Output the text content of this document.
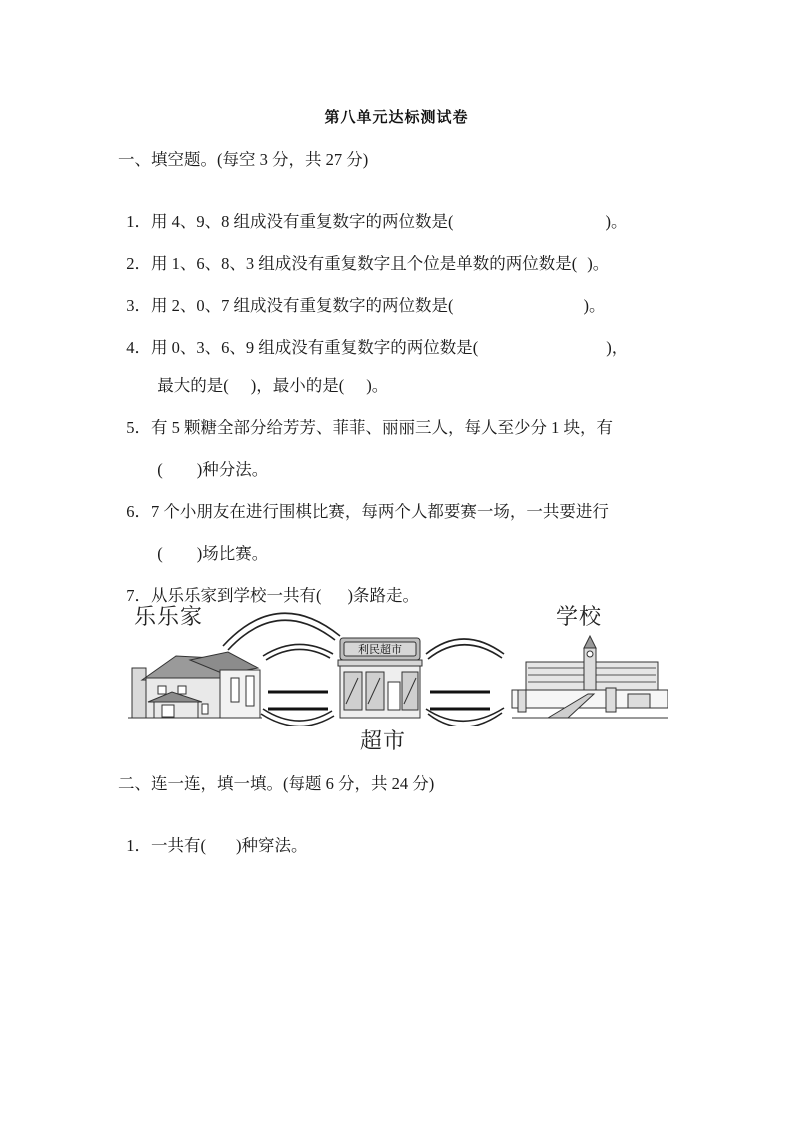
第八单元达标测试卷
一、填空题。(每空 3 分，共 27 分)

1．用 4、9、8 组成没有重复数字的两位数是(	)。

2．用 1、6、8、3 组成没有重复数字且个位是单数的两位数是( )。

3．用 2、0、7 组成没有重复数字的两位数是(	)。

4．用 0、3、6、9 组成没有重复数字的两位数是(	)，

最大的是( )，最小的是( )。

5．有 5 颗糖全部分给芳芳、菲菲、丽丽三人，每人至少分 1 块，有

( )种分法。

6．7 个小朋友在进行围棋比赛，每两个人都要赛一场，一共要进行

( )场比赛。

7．从乐乐家到学校一共有( )条路走。

乐乐家	学校
超市
利民超市
二、连一连，填一填。(每题 6 分，共 24 分)

1．一共有( )种穿法。
